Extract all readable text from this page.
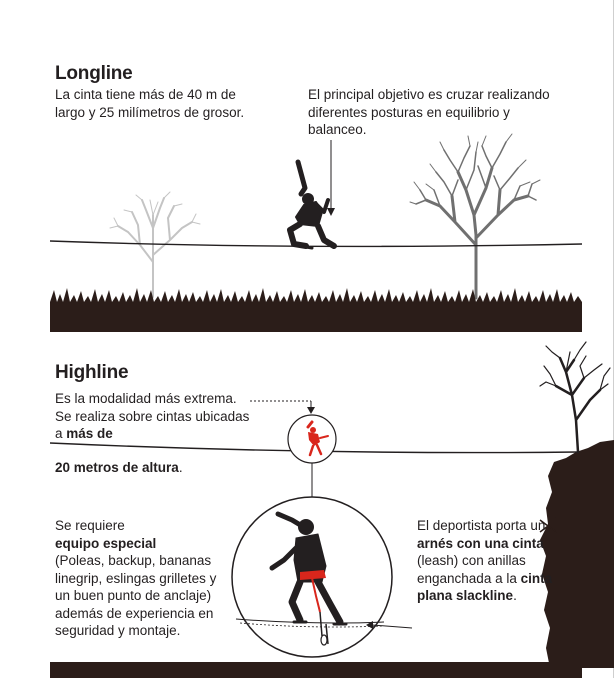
Longline

La cinta tiene más de 40 m de largo y 25 milímetros de grosor.

El principal objetivo es cruzar realizando diferentes posturas en equilibrio y balanceo.

Highline

Es la modalidad más extrema. Se realiza sobre cintas ubicadas a más de

20 metros de altura.

Se requiere
equipo especial
(Poleas, backup, bananas linegrip, eslingas grilletes y un buen punto de anclaje) además de experiencia en seguridad y montaje.

El deportista porta un arnés con una cinta (leash) con anillas enganchada a la cinta plana slackline.
